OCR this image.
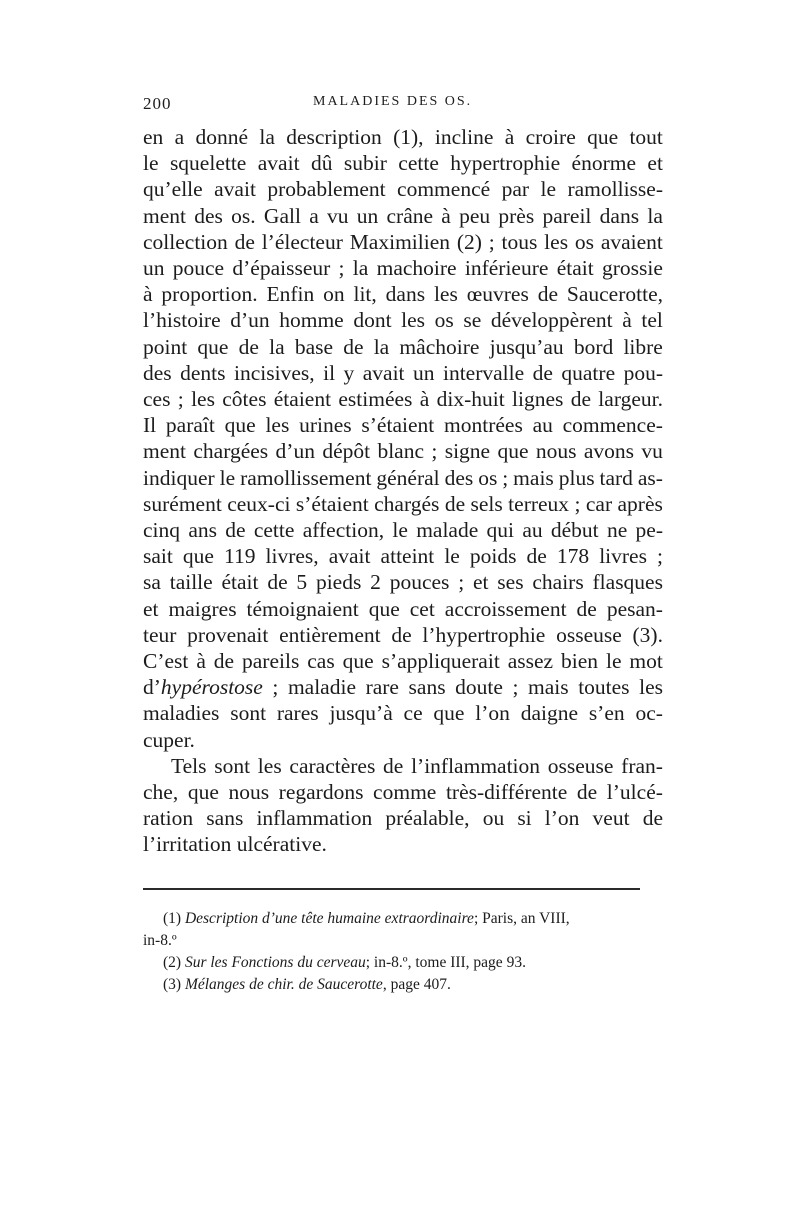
200	MALADIES DES OS.
en a donné la description (1), incline à croire que tout
le squelette avait dû subir cette hypertrophie énorme et
qu’elle avait probablement commencé par le ramollisse-
ment des os. Gall a vu un crâne à peu près pareil dans la
collection de l’électeur Maximilien (2) ; tous les os avaient
un pouce d’épaisseur ; la machoire inférieure était grossie
à proportion. Enfin on lit, dans les œuvres de Saucerotte,
l’histoire d’un homme dont les os se développèrent à tel
point que de la base de la mâchoire jusqu’au bord libre
des dents incisives, il y avait un intervalle de quatre pou-
ces ; les côtes étaient estimées à dix-huit lignes de largeur.
Il paraît que les urines s’étaient montrées au commence-
ment chargées d’un dépôt blanc ; signe que nous avons vu
indiquer le ramollissement général des os ; mais plus tard as-
surément ceux-ci s’étaient chargés de sels terreux ; car après
cinq ans de cette affection, le malade qui au début ne pe-
sait que 119 livres, avait atteint le poids de 178 livres ;
sa taille était de 5 pieds 2 pouces ; et ses chairs flasques
et maigres témoignaient que cet accroissement de pesan-
teur provenait entièrement de l’hypertrophie osseuse (3).
C’est à de pareils cas que s’appliquerait assez bien le mot
d’hypérostose ; maladie rare sans doute ; mais toutes les
maladies sont rares jusqu’à ce que l’on daigne s’en oc-
cuper.
Tels sont les caractères de l’inflammation osseuse fran-
che, que nous regardons comme très-différente de l’ulcé-
ration sans inflammation préalable, ou si l’on veut de
l’irritation ulcérative.
(1) Description d’une tête humaine extraordinaire; Paris, an VIII,
in-8.º
(2) Sur les Fonctions du cerveau; in-8.º, tome III, page 93.
(3) Mélanges de chir. de Saucerotte, page 407.
